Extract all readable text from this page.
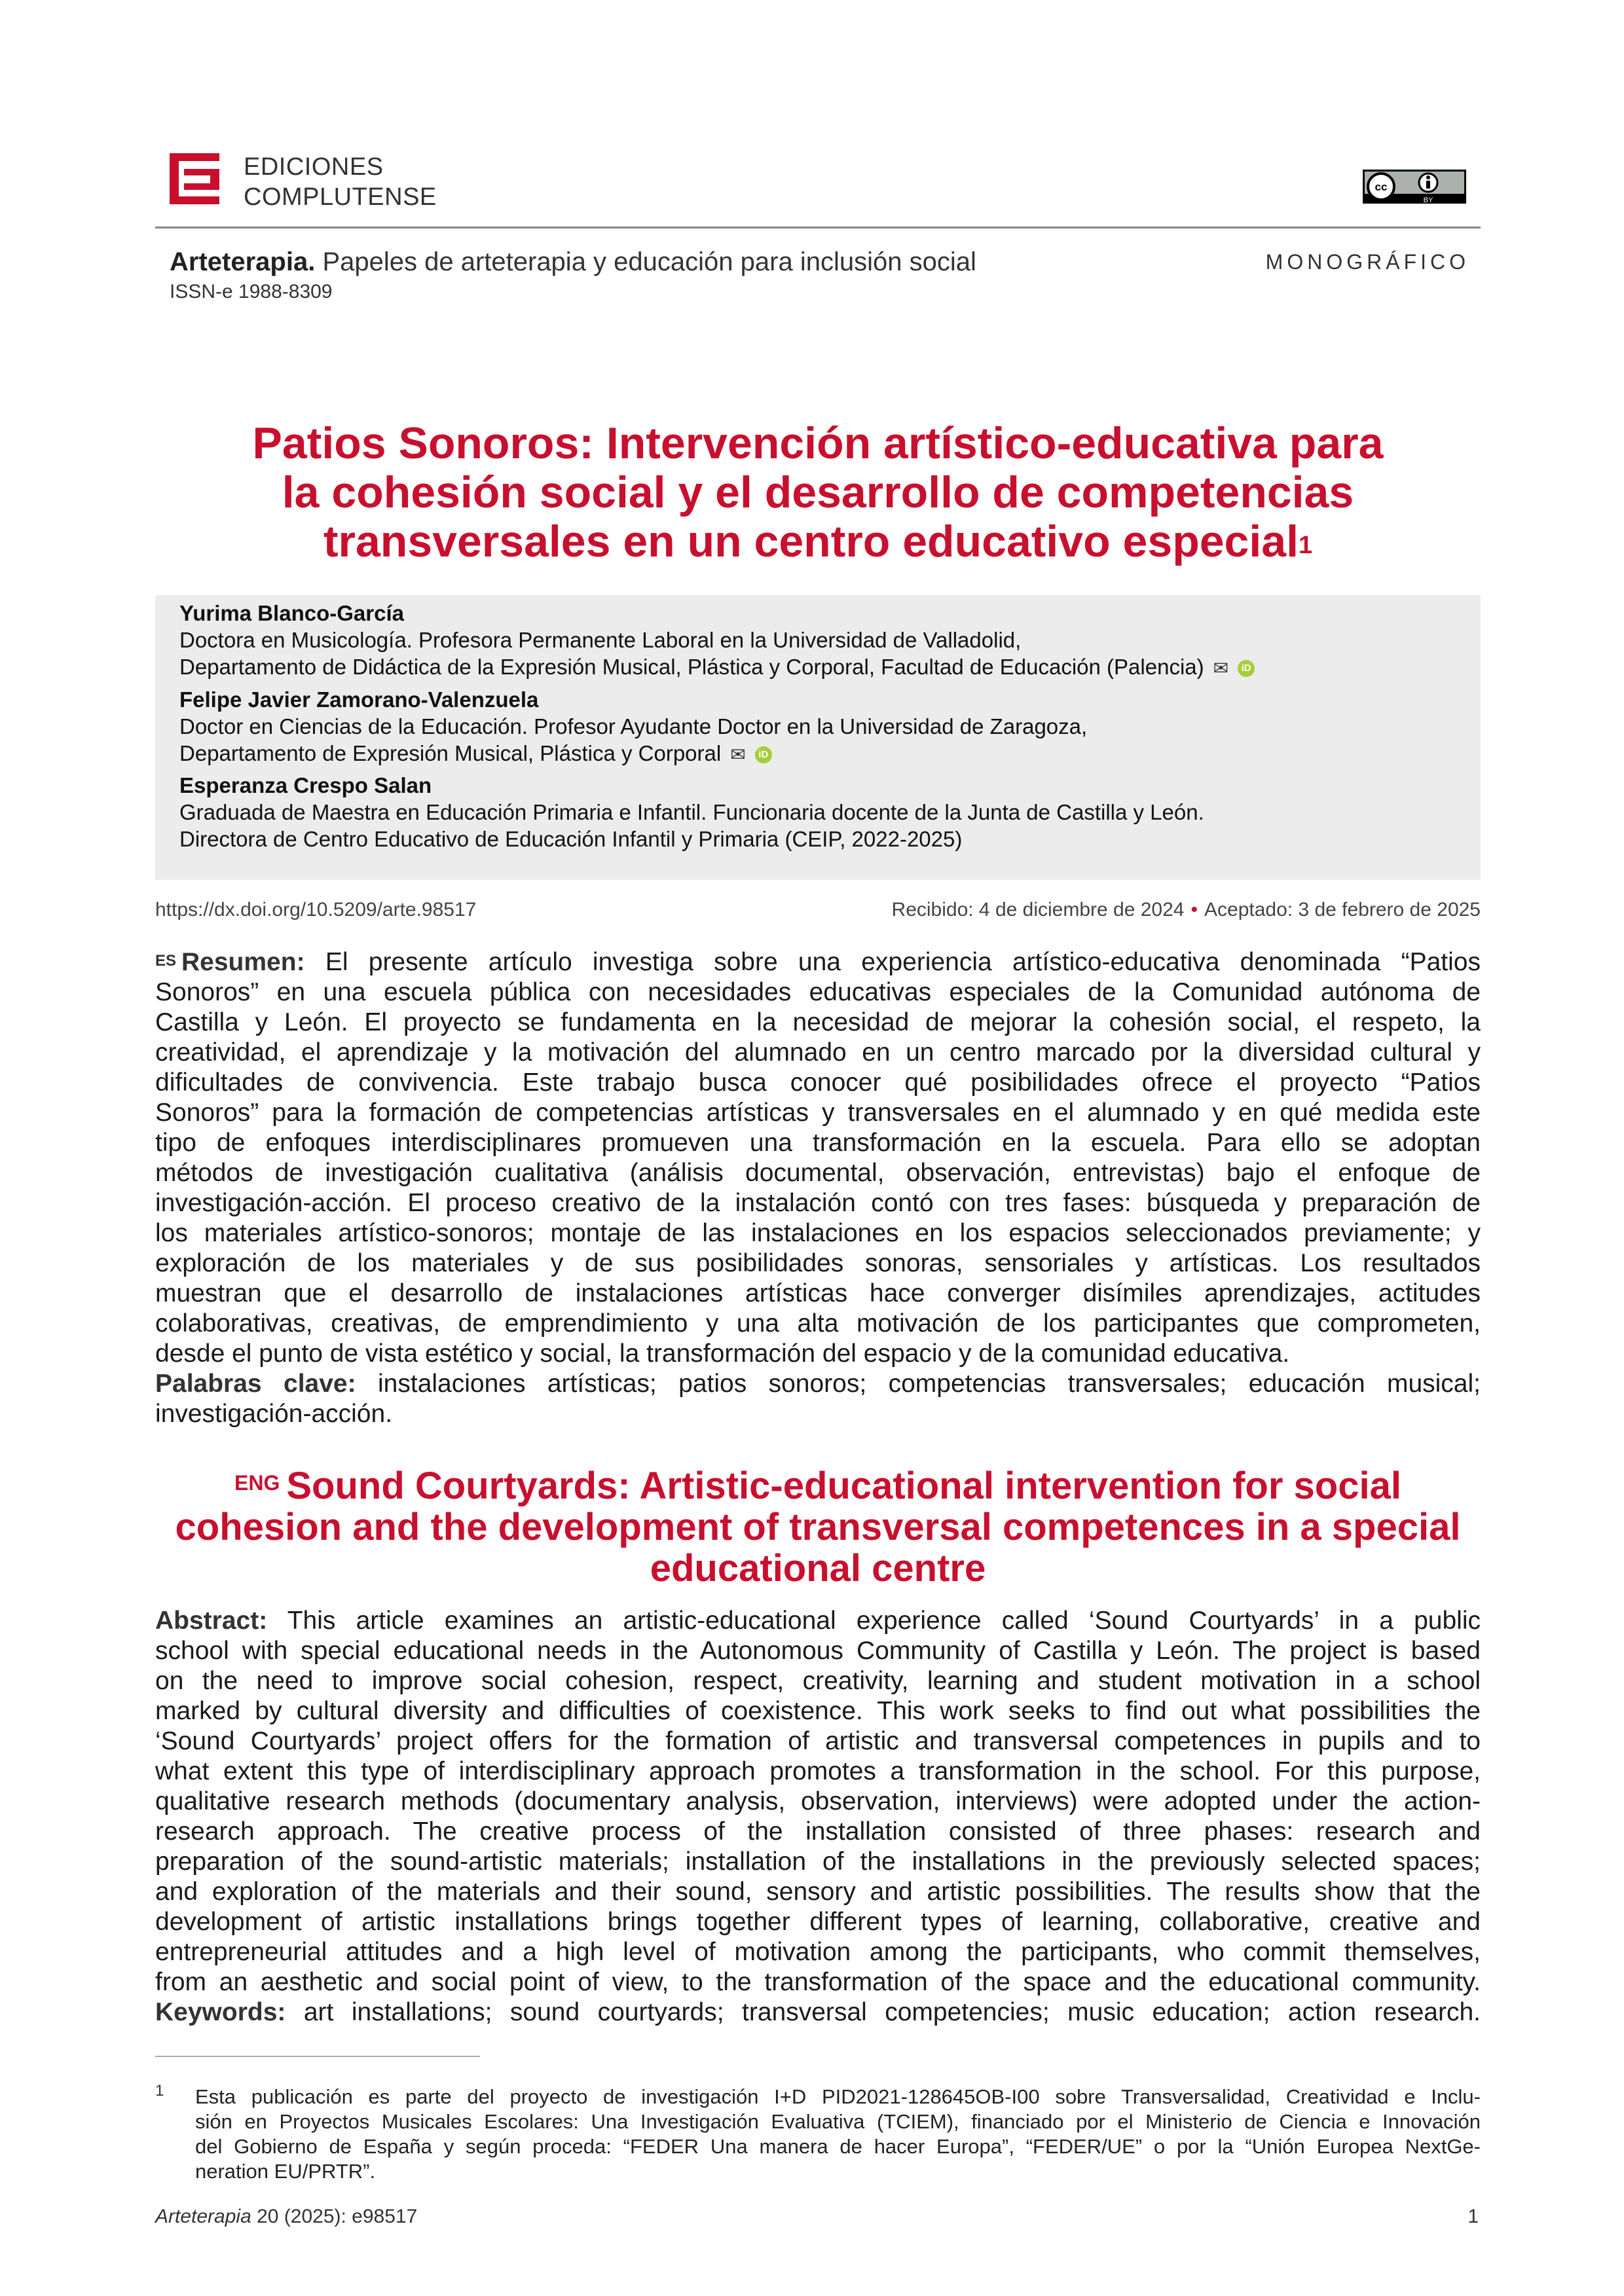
EDICIONES
COMPLUTENSE	cc
BY
Arteterapia. Papeles de arteterapia y educación para inclusión social
ISSN-e 1988-8309
MONOGRÁFICO
Patios Sonoros: Intervención artístico-educativa para
la cohesión social y el desarrollo de competencias
transversales en un centro educativo especial$^1$
Yurima Blanco-García
Doctora en Musicología. Profesora Permanente Laboral en la Universidad de Valladolid,
Departamento de Didáctica de la Expresión Musical, Plástica y Corporal, Facultad de Educación (Palencia) ✉ iD
Felipe Javier Zamorano-Valenzuela
Doctor en Ciencias de la Educación. Profesor Ayudante Doctor en la Universidad de Zaragoza,
Departamento de Expresión Musical, Plástica y Corporal ✉ iD
Esperanza Crespo Salan
Graduada de Maestra en Educación Primaria e Infantil. Funcionaria docente de la Junta de Castilla y León.
Directora de Centro Educativo de Educación Infantil y Primaria (CEIP, 2022-2025)
https://dx.doi.org/10.5209/arte.98517	Recibido: 4 de diciembre de 2024 • Aceptado: 3 de febrero de 2025
$^{ES}$ Resumen: El presente artículo investiga sobre una experiencia artístico-educativa denominada “Patios
Sonoros” en una escuela pública con necesidades educativas especiales de la Comunidad autónoma de
Castilla y León. El proyecto se fundamenta en la necesidad de mejorar la cohesión social, el respeto, la
creatividad, el aprendizaje y la motivación del alumnado en un centro marcado por la diversidad cultural y
dificultades de convivencia. Este trabajo busca conocer qué posibilidades ofrece el proyecto “Patios
Sonoros” para la formación de competencias artísticas y transversales en el alumnado y en qué medida este
tipo de enfoques interdisciplinares promueven una transformación en la escuela. Para ello se adoptan
métodos de investigación cualitativa (análisis documental, observación, entrevistas) bajo el enfoque de
investigación-acción. El proceso creativo de la instalación contó con tres fases: búsqueda y preparación de
los materiales artístico-sonoros; montaje de las instalaciones en los espacios seleccionados previamente; y
exploración de los materiales y de sus posibilidades sonoras, sensoriales y artísticas. Los resultados
muestran que el desarrollo de instalaciones artísticas hace converger disímiles aprendizajes, actitudes
colaborativas, creativas, de emprendimiento y una alta motivación de los participantes que comprometen,
desde el punto de vista estético y social, la transformación del espacio y de la comunidad educativa.
Palabras clave: instalaciones artísticas; patios sonoros; competencias transversales; educación musical;
investigación-acción.
$^{ENG}$ Sound Courtyards: Artistic-educational intervention for social
cohesion and the development of transversal competences in a special
educational centre
Abstract: This article examines an artistic-educational experience called ‘Sound Courtyards’ in a public
school with special educational needs in the Autonomous Community of Castilla y León. The project is based
on the need to improve social cohesion, respect, creativity, learning and student motivation in a school
marked by cultural diversity and difficulties of coexistence. This work seeks to find out what possibilities the
‘Sound Courtyards’ project offers for the formation of artistic and transversal competences in pupils and to
what extent this type of interdisciplinary approach promotes a transformation in the school. For this purpose,
qualitative research methods (documentary analysis, observation, interviews) were adopted under the action-
research approach. The creative process of the installation consisted of three phases: research and
preparation of the sound-artistic materials; installation of the installations in the previously selected spaces;
and exploration of the materials and their sound, sensory and artistic possibilities. The results show that the
development of artistic installations brings together different types of learning, collaborative, creative and
entrepreneurial attitudes and a high level of motivation among the participants, who commit themselves,
from an aesthetic and social point of view, to the transformation of the space and the educational community.
Keywords: art installations; sound courtyards; transversal competencies; music education; action research.
1 Esta publicación es parte del proyecto de investigación I+D PID2021-128645OB-I00 sobre Transversalidad, Creatividad e Inclu-
sión en Proyectos Musicales Escolares: Una Investigación Evaluativa (TCIEM), financiado por el Ministerio de Ciencia e Innovación
del Gobierno de España y según proceda: “FEDER Una manera de hacer Europa”, “FEDER/UE” o por la “Unión Europea NextGe-
neration EU/PRTR”.
Arteterapia 20 (2025): e98517	1
